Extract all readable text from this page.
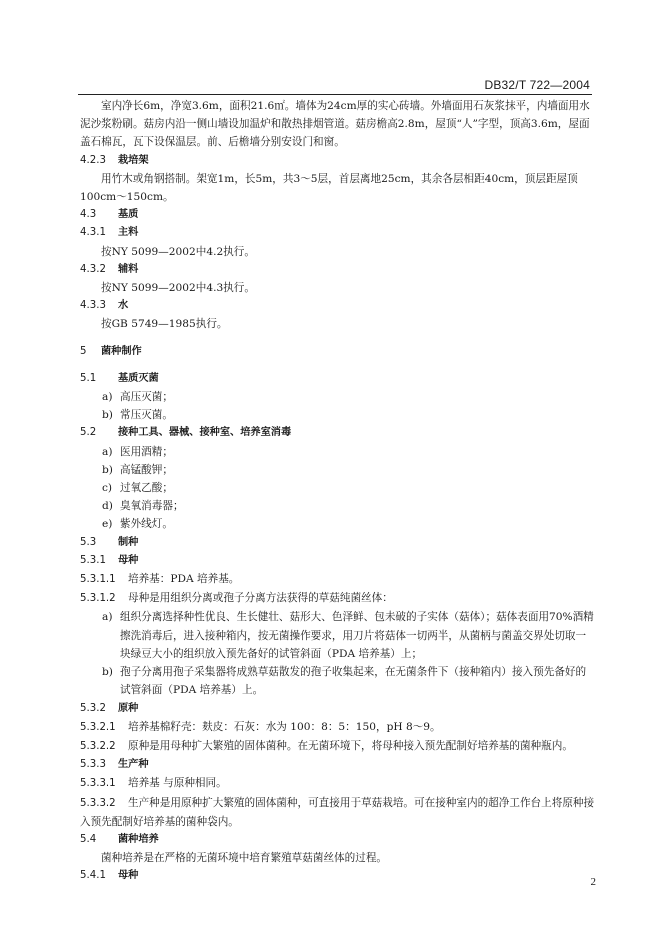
DB32/T 722—2004

室内净长6m，净宽3.6m，面积21.6㎡。墙体为24cm厚的实心砖墙。外墙面用石灰浆抹平，内墙面用水泥沙浆粉刷。菇房内沿一侧山墙设加温炉和散热排烟管道。菇房檐高2.8m，屋顶“人”字型，顶高3.6m，屋面盖石棉瓦，瓦下设保温层。前、后檐墙分别安设门和窗。

4.2.3 栽培架

用竹木或角钢搭制。架宽1m，长5m，共3～5层，首层离地25cm，其余各层相距40cm，顶层距屋顶100cm～150cm。

4.3 基质

4.3.1 主料

按NY 5099—2002中4.2执行。

4.3.2 辅料

按NY 5099—2002中4.3执行。

4.3.3 水

按GB 5749—1985执行。

5 菌种制作

5.1 基质灭菌

a) 高压灭菌；

b) 常压灭菌。

5.2 接种工具、器械、接种室、培养室消毒

a) 医用酒精；

b) 高锰酸钾；

c) 过氧乙酸；

d) 臭氧消毒器；

e) 紫外线灯。

5.3 制种

5.3.1 母种

5.3.1.1 培养基：PDA 培养基。

5.3.1.2 母种是用组织分离或孢子分离方法获得的草菇纯菌丝体：

a) 组织分离选择种性优良、生长健壮、菇形大、色泽鲜、包未破的子实体（菇体）；菇体表面用70%酒精擦洗消毒后，进入接种箱内，按无菌操作要求，用刀片将菇体一切两半，从菌柄与菌盖交界处切取一块绿豆大小的组织放入预先备好的试管斜面（PDA 培养基）上；

b) 孢子分离用孢子采集器将成熟草菇散发的孢子收集起来，在无菌条件下（接种箱内）接入预先备好的试管斜面（PDA 培养基）上。

5.3.2 原种

5.3.2.1 培养基棉籽壳：麸皮：石灰：水为 100：8：5：150，pH 8～9。

5.3.2.2 原种是用母种扩大繁殖的固体菌种。在无菌环境下，将母种接入预先配制好培养基的菌种瓶内。

5.3.3 生产种

5.3.3.1 培养基 与原种相同。

5.3.3.2 生产种是用原种扩大繁殖的固体菌种，可直接用于草菇栽培。可在接种室内的超净工作台上将原种接入预先配制好培养基的菌种袋内。

5.4 菌种培养

菌种培养是在严格的无菌环境中培育繁殖草菇菌丝体的过程。

5.4.1 母种

2
